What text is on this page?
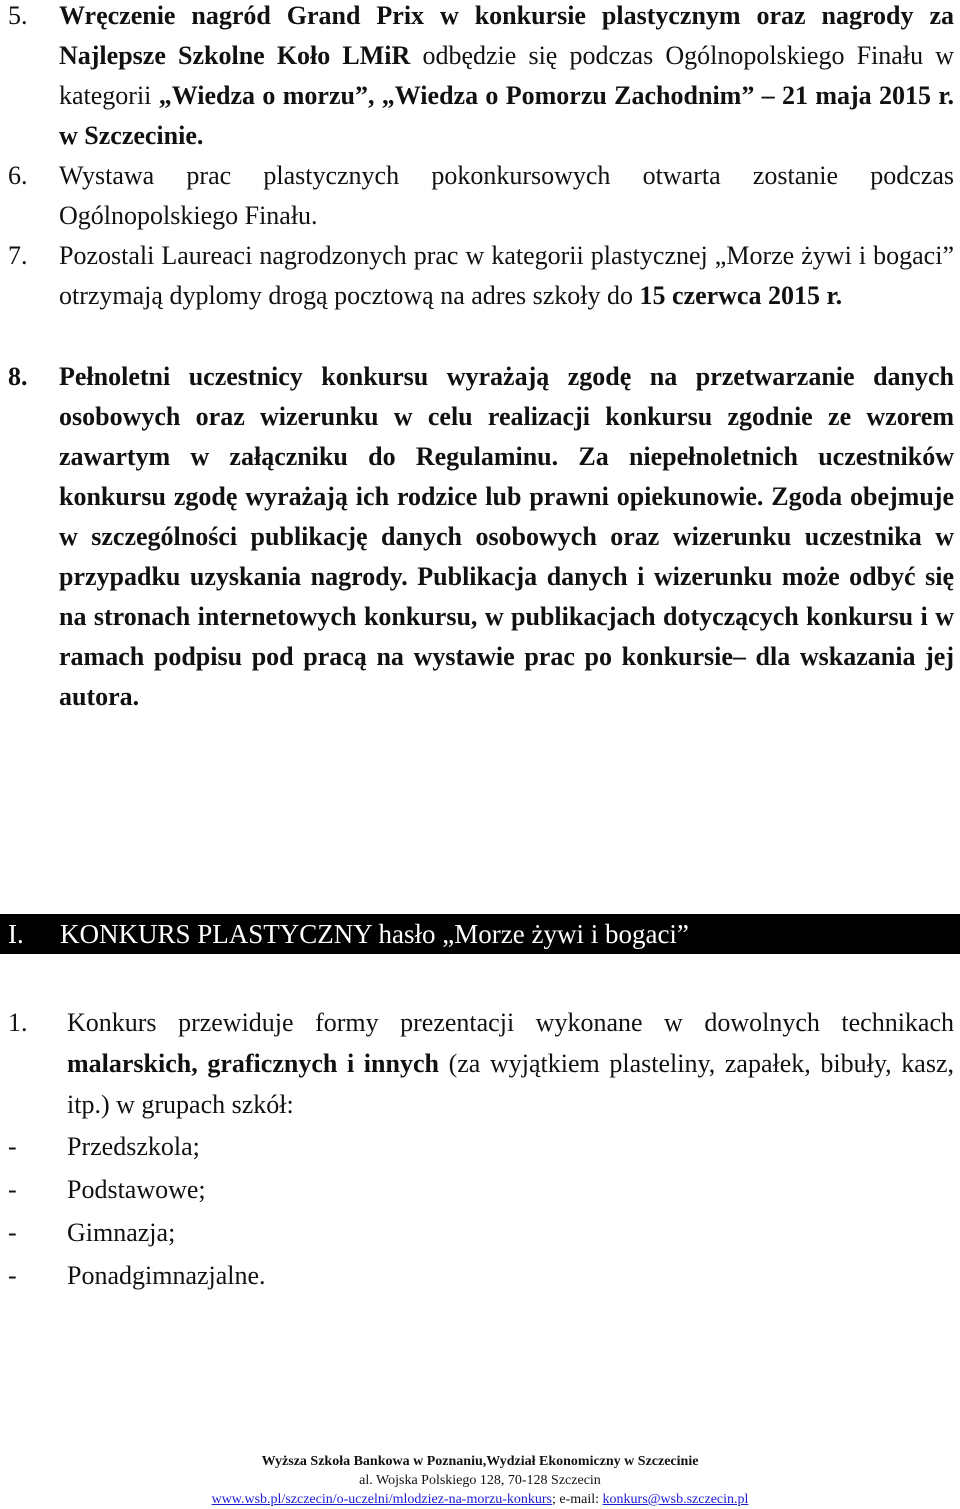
5.	Wręczenie nagród Grand Prix w konkursie plastycznym oraz nagrody za Najlepsze Szkolne Koło LMiR odbędzie się podczas Ogólnopolskiego Finału w kategorii „Wiedza o morzu”, „Wiedza o Pomorzu Zachodnim” – 21 maja 2015 r. w Szczecinie.
6.	Wystawa prac plastycznych pokonkursowych otwarta zostanie podczas Ogólnopolskiego Finału.
7.	Pozostali Laureaci nagrodzonych prac w kategorii plastycznej „Morze żywi i bogaci” otrzymają dyplomy drogą pocztową na adres szkoły do 15 czerwca 2015 r.
8.	Pełnoletni uczestnicy konkursu wyrażają zgodę na przetwarzanie danych osobowych oraz wizerunku w celu realizacji konkursu zgodnie ze wzorem zawartym w załączniku do Regulaminu. Za niepełnoletnich uczestników konkursu zgodę wyrażają ich rodzice lub prawni opiekunowie. Zgoda obejmuje w szczególności publikację danych osobowych oraz wizerunku uczestnika w przypadku uzyskania nagrody. Publikacja danych i wizerunku może odbyć się na stronach internetowych konkursu, w publikacjach dotyczących konkursu i w ramach podpisu pod pracą na wystawie prac po konkursie– dla wskazania jej autora.
I. KONKURS PLASTYCZNY hasło „Morze żywi i bogaci”
1.	Konkurs przewiduje formy prezentacji wykonane w dowolnych technikach malarskich, graficznych i innych (za wyjątkiem plasteliny, zapałek, bibuły, kasz, itp.) w grupach szkół:
- Przedszkola;
- Podstawowe;
- Gimnazja;
- Ponadgimnazjalne.
Wyższa Szkoła Bankowa w Poznaniu,Wydział Ekonomiczny w Szczecinie
al. Wojska Polskiego 128, 70-128 Szczecin
www.wsb.pl/szczecin/o-uczelni/mlodziez-na-morzu-konkurs; e-mail: konkurs@wsb.szczecin.pl
